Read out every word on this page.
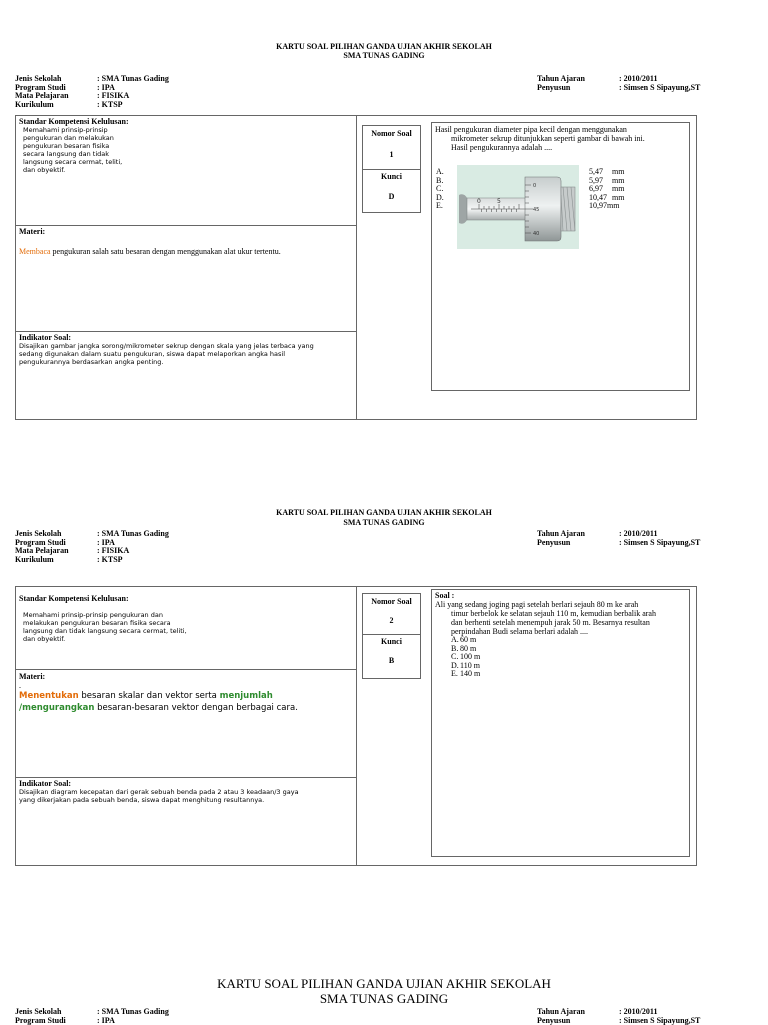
KARTU SOAL PILIHAN GANDA UJIAN AKHIR SEKOLAH
SMA TUNAS GADING
Jenis Sekolah	: SMA Tunas Gading
Program Studi	: IPA
Mata Pelajaran	: FISIKA
Kurikulum	: KTSP
Tahun Ajaran	: 2010/2011
Penyusun	: Simsen S Sipayung,ST
Standar Kompetensi Kelulusan:
Memahami prinsip-prinsip
pengukuran dan melakukan
pengukuran besaran fisika
secara langsung dan tidak
langsung secara cermat, teliti,
dan obyektif.
Nomor Soal
1
Kunci
D
Hasil pengukuran diameter pipa kecil dengan menggunakan
mikrometer sekrup ditunjukkan seperti gambar di bawah ini.
Hasil pengukurannya adalah ....
A.
B.
C.
D.
E.
5,47 mm
5,97 mm
6,97 mm
10,47 mm
10,97mm
0	5
0
45
40
Materi:
Membaca pengukuran salah satu besaran dengan menggunakan alat ukur tertentu.
Indikator Soal:
Disajikan gambar jangka sorong/mikrometer sekrup dengan skala yang jelas terbaca yang
sedang digunakan dalam suatu pengukuran, siswa dapat melaporkan angka hasil
pengukurannya berdasarkan angka penting.
KARTU SOAL PILIHAN GANDA UJIAN AKHIR SEKOLAH
SMA TUNAS GADING
Jenis Sekolah	: SMA Tunas Gading
Program Studi	: IPA
Mata Pelajaran	: FISIKA
Kurikulum	: KTSP
Tahun Ajaran	: 2010/2011
Penyusun	: Simsen S Sipayung,ST
Standar Kompetensi Kelulusan:
Memahami prinsip-prinsip pengukuran dan
melakukan pengukuran besaran fisika secara
langsung dan tidak langsung secara cermat, teliti,
dan obyektif.
Nomor Soal
2
Kunci
B
Soal :
Ali yang sedang joging pagi setelah berlari sejauh 80 m ke arah
timur berbelok ke selatan sejauh 110 m, kemudian berbalik arah
dan berhenti setelah menempuh jarak 50 m. Besarnya resultan
perpindahan Budi selama berlari adalah ....
A.60 m
B. 80 m
C. 100 m
D.110 m
E. 140 m
Materi:
.
Menentukan besaran skalar dan vektor serta menjumlah
/mengurangkan besaran-besaran vektor dengan berbagai cara.
Indikator Soal:
Disajikan diagram kecepatan dari gerak sebuah benda pada 2 atau 3 keadaan/3 gaya
yang dikerjakan pada sebuah benda, siswa dapat menghitung resultannya.
KARTU SOAL PILIHAN GANDA UJIAN AKHIR SEKOLAH
SMA TUNAS GADING
Jenis Sekolah	: SMA Tunas Gading
Program Studi	: IPA
Tahun Ajaran	: 2010/2011
Penyusun	: Simsen S Sipayung,ST
